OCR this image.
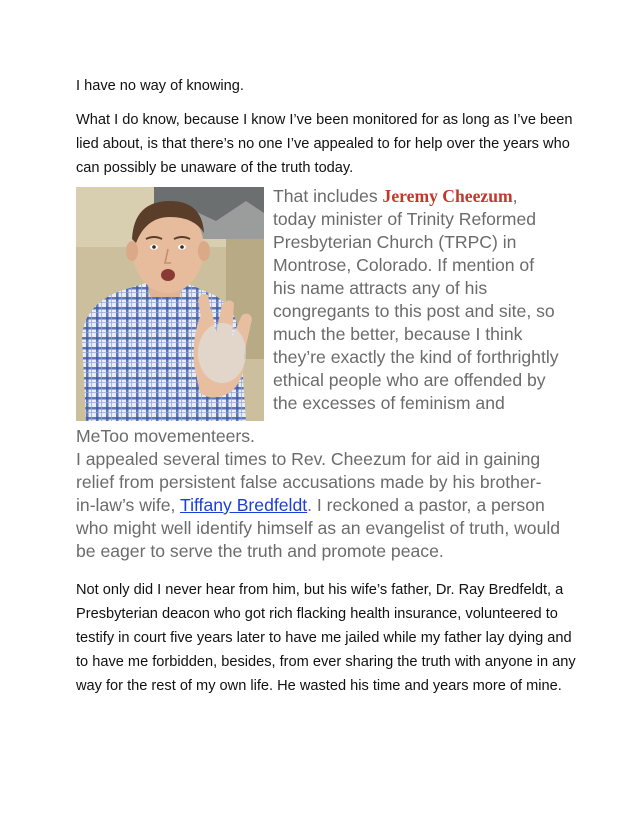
I have no way of knowing.
What I do know, because I know I’ve been monitored for as long as I’ve been lied about, is that there’s no one I’ve appealed to for help over the years who can possibly be unaware of the truth today.
That includes Jeremy Cheezum,
today minister of Trinity Reformed
Presbyterian Church (TRPC) in
Montrose, Colorado. If mention of
his name attracts any of his
congregants to this post and site, so
much the better, because I think
they’re exactly the kind of forthrightly
ethical people who are offended by
the excesses of feminism and
MeToo movementeers.
I appealed several times to Rev. Cheezum for aid in gaining
relief from persistent false accusations made by his brother-
in-law’s wife, Tiffany Bredfeldt. I reckoned a pastor, a person
who might well identify himself as an evangelist of truth, would
be eager to serve the truth and promote peace.
Not only did I never hear from him, but his wife’s father, Dr. Ray Bredfeldt, a Presbyterian deacon who got rich flacking health insurance, volunteered to testify in court five years later to have me jailed while my father lay dying and to have me forbidden, besides, from ever sharing the truth with anyone in any way for the rest of my own life. He wasted his time and years more of mine.
